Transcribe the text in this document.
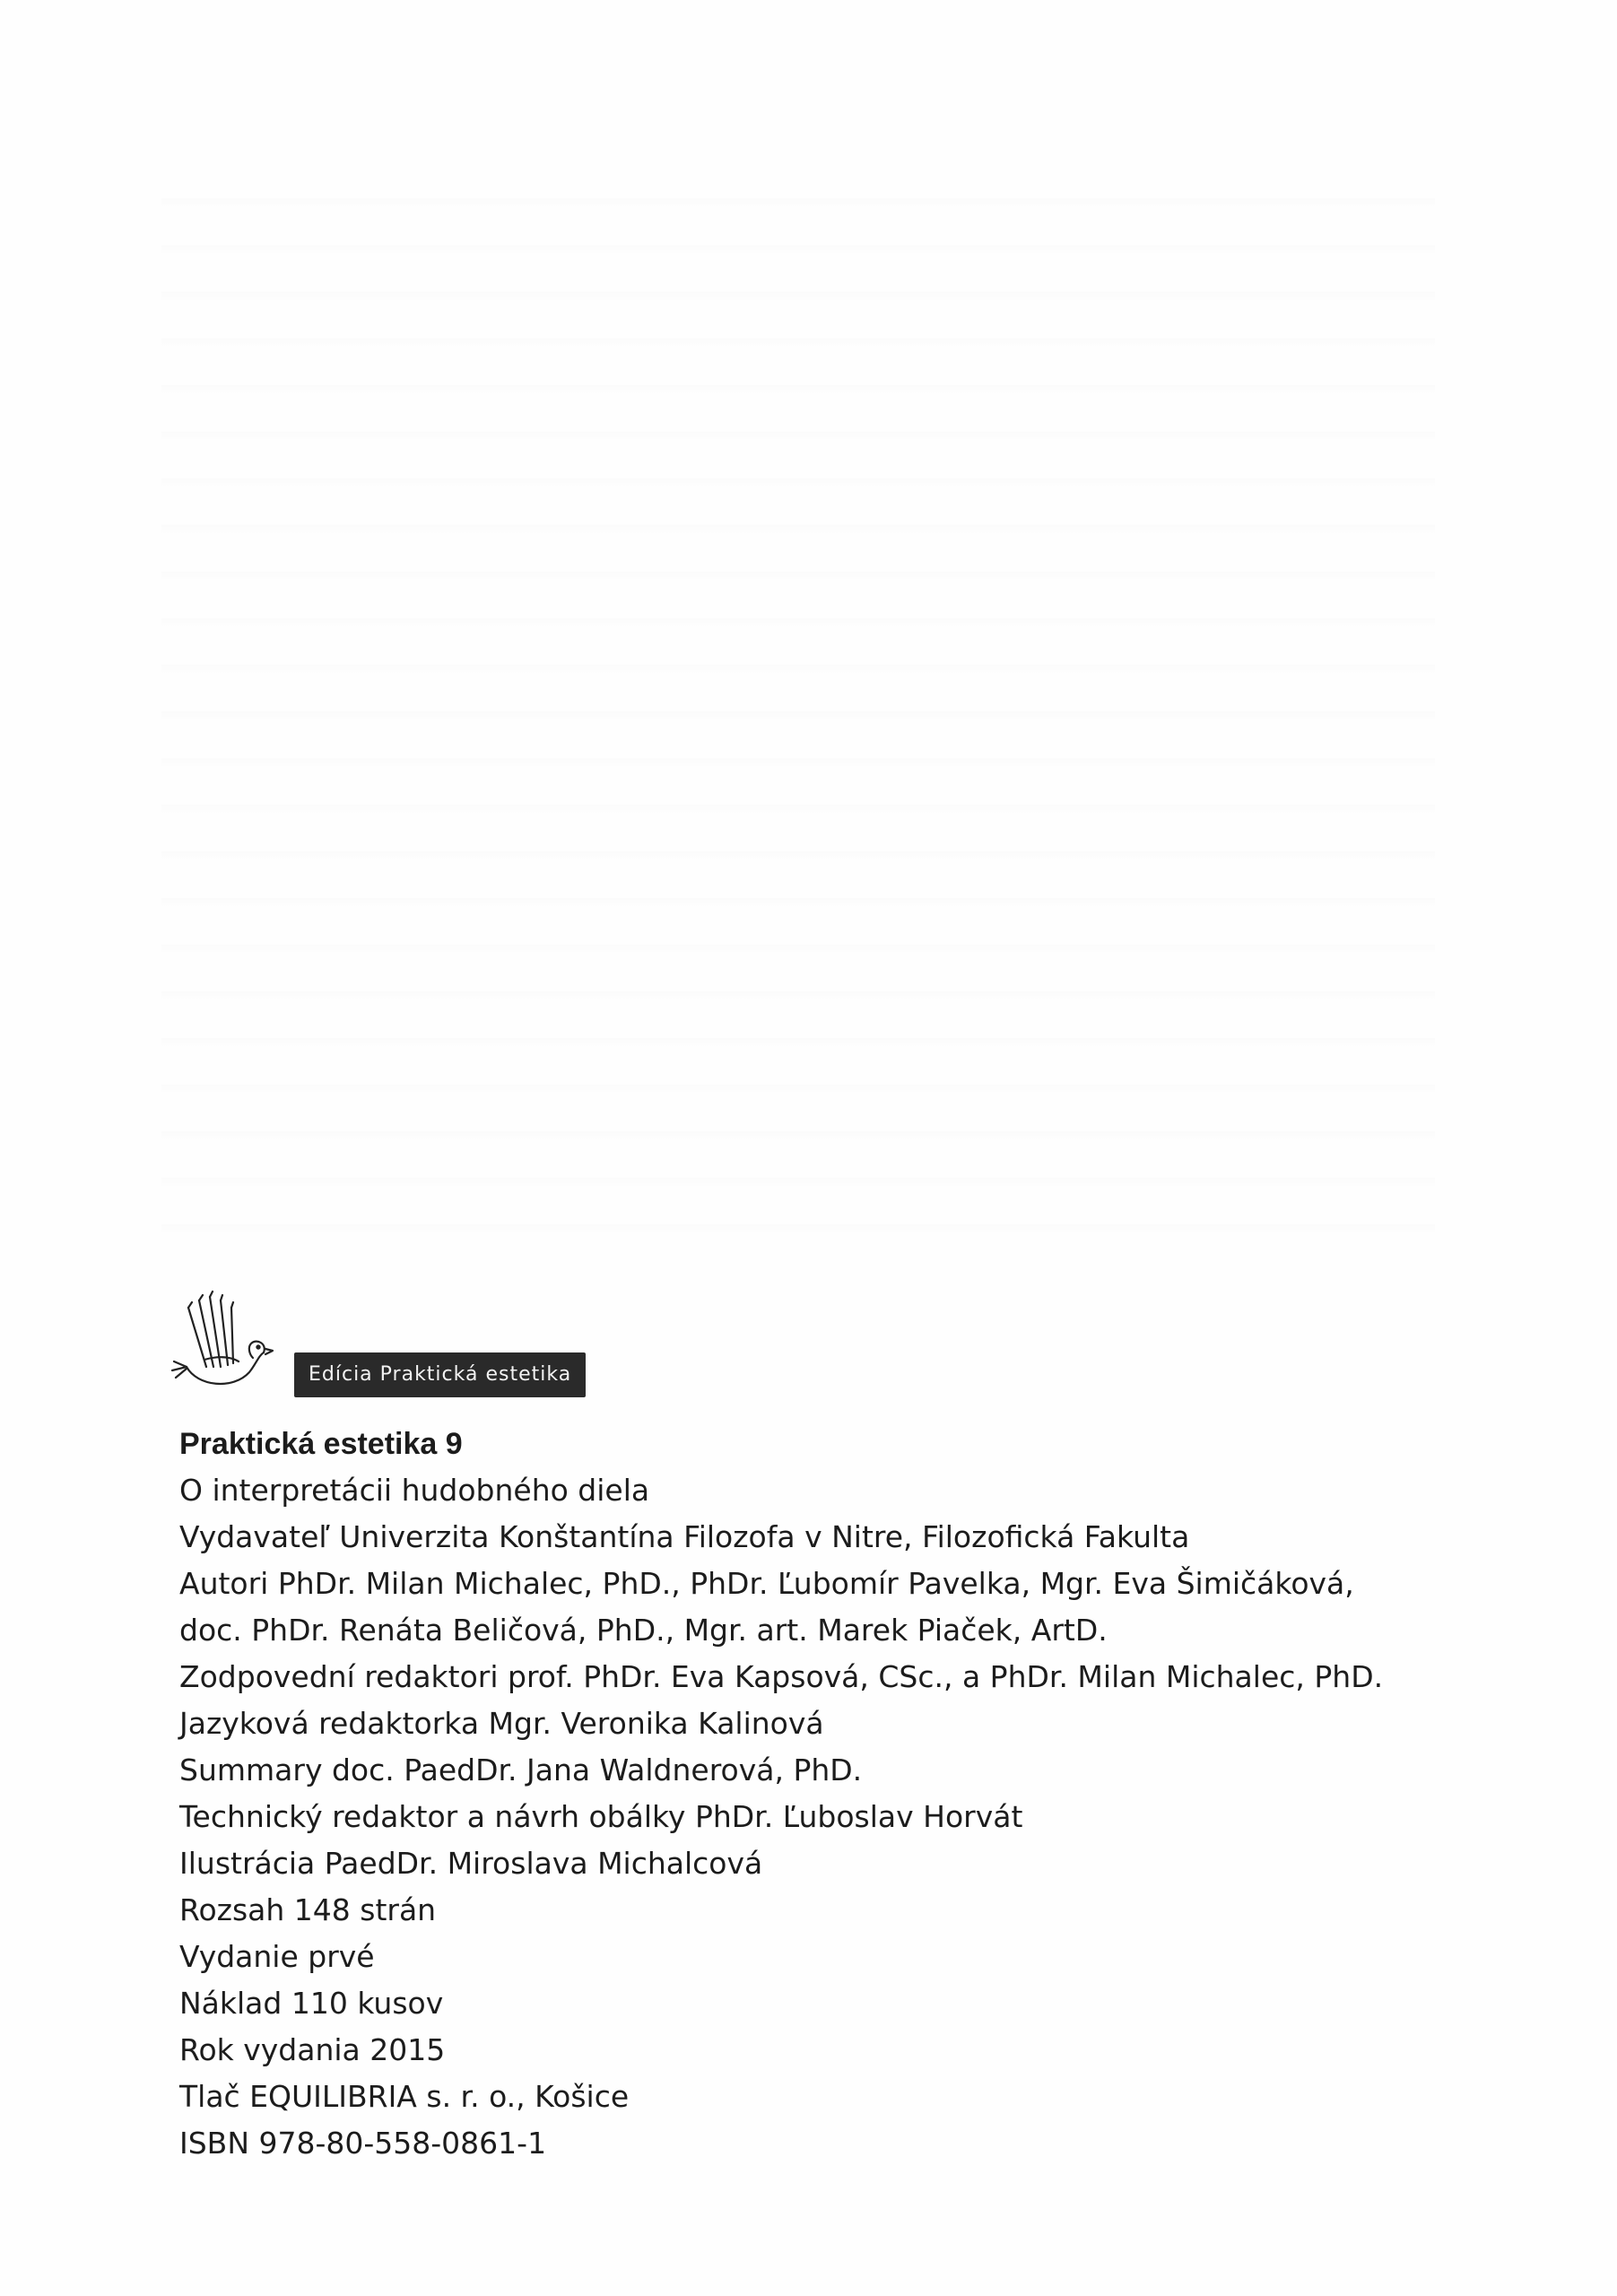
Edícia Praktická estetika
Praktická estetika 9
O interpretácii hudobného diela
Vydavateľ Univerzita Konštantína Filozofa v Nitre, Filozofická Fakulta
Autori PhDr. Milan Michalec, PhD., PhDr. Ľubomír Pavelka, Mgr. Eva Šimičáková,
doc. PhDr. Renáta Beličová, PhD., Mgr. art. Marek Piaček, ArtD.
Zodpovední redaktori prof. PhDr. Eva Kapsová, CSc., a PhDr. Milan Michalec, PhD.
Jazyková redaktorka Mgr. Veronika Kalinová
Summary doc. PaedDr. Jana Waldnerová, PhD.
Technický redaktor a návrh obálky PhDr. Ľuboslav Horvát
Ilustrácia PaedDr. Miroslava Michalcová
Rozsah 148 strán
Vydanie prvé
Náklad 110 kusov
Rok vydania 2015
Tlač EQUILIBRIA s. r. o., Košice
ISBN 978-80-558-0861-1
